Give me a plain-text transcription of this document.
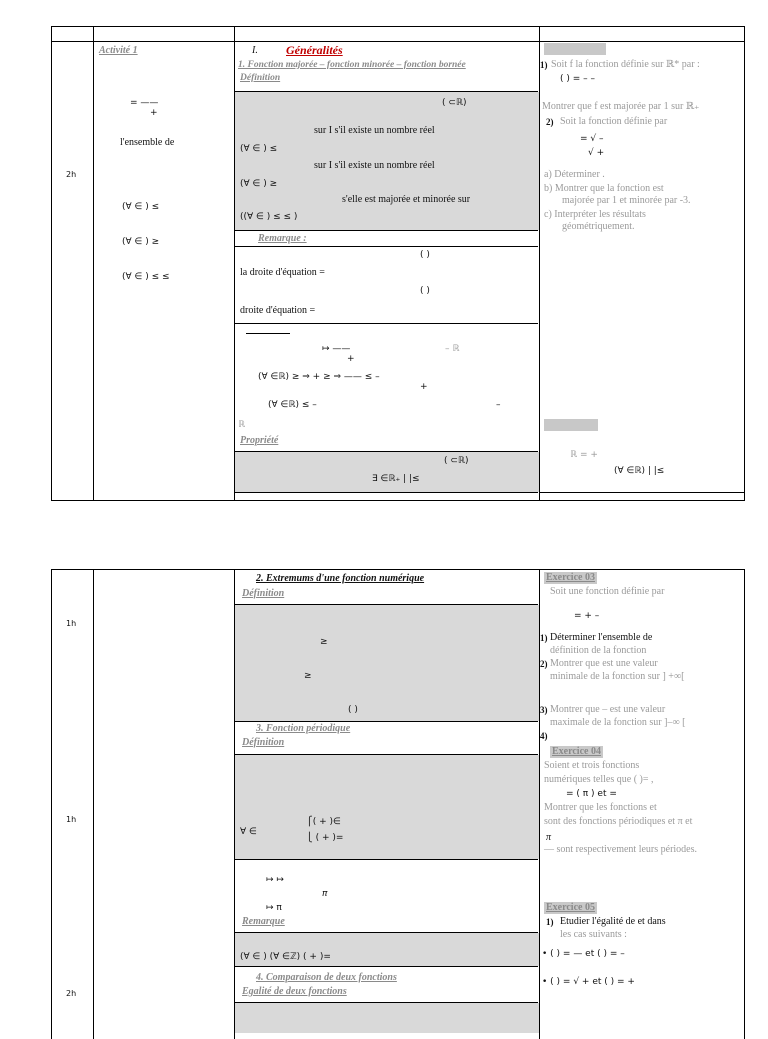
2h
Activité 1
= ——
+
l'ensemble de
(∀ ∈ ) ≤
(∀ ∈ ) ≥
(∀ ∈ ) ≤ ≤
I. Généralités
1. Fonction majorée – fonction minorée – fonction bornée
Définition
( ⊂ℝ)
sur I s'il existe un nombre réel
(∀ ∈ ) ≤
sur I s'il existe un nombre réel
(∀ ∈ ) ≥
s'elle est majorée et minorée sur
((∀ ∈ ) ≤ ≤ )
Remarque :
( )
la droite d'équation =
( )
droite d'équation =
↦ ——	– ℝ
+
(∀ ∈ℝ) ≥ ⇒ + ≥ ⇒ —— ≤ –
+
(∀ ∈ℝ) ≤ –	–
ℝ
Propriété
( ⊂ℝ)
∃ ∈ℝ₊ | |≤
1) Soit f la fonction définie sur ℝ* par :
( ) = – –
Montrer que f est majorée par 1 sur ℝ₊
2) Soit la fonction définie par
= √ –
√ +
a) Déterminer .
b) Montrer que la fonction est
majorée par 1 et minorée par -3.
c) Interpréter les résultats
géométriquement.
ℝ = +
(∀ ∈ℝ) | |≤
1h
1h
2h
2. Extremums d'une fonction numérique
Définition
≥
≥
( )
3. Fonction périodique
Définition
∀ ∈
⎧( + )∈
⎩ ( + )=
↦ ↦
π
↦ π
Remarque
(∀ ∈ ) (∀ ∈ℤ) ( + )=
4. Comparaison de deux fonctions
Egalité de deux fonctions
Exercice 03
Soit une fonction définie par
= + –
1) Déterminer l'ensemble de
définition de la fonction
2) Montrer que est une valeur
minimale de la fonction sur ] +∞[
3) Montrer que – est une valeur
maximale de la fonction sur ]–∞ [
4)
Exercice 04
Soient et trois fonctions
numériques telles que ( )= ,
= ( π ) et =
Montrer que les fonctions et
sont des fonctions périodiques et π et
π
— sont respectivement leurs périodes.
Exercice 05
1) Etudier l'égalité de et dans
les cas suivants :
• ( ) = — et ( ) = –
• ( ) = √ + et ( ) = +
